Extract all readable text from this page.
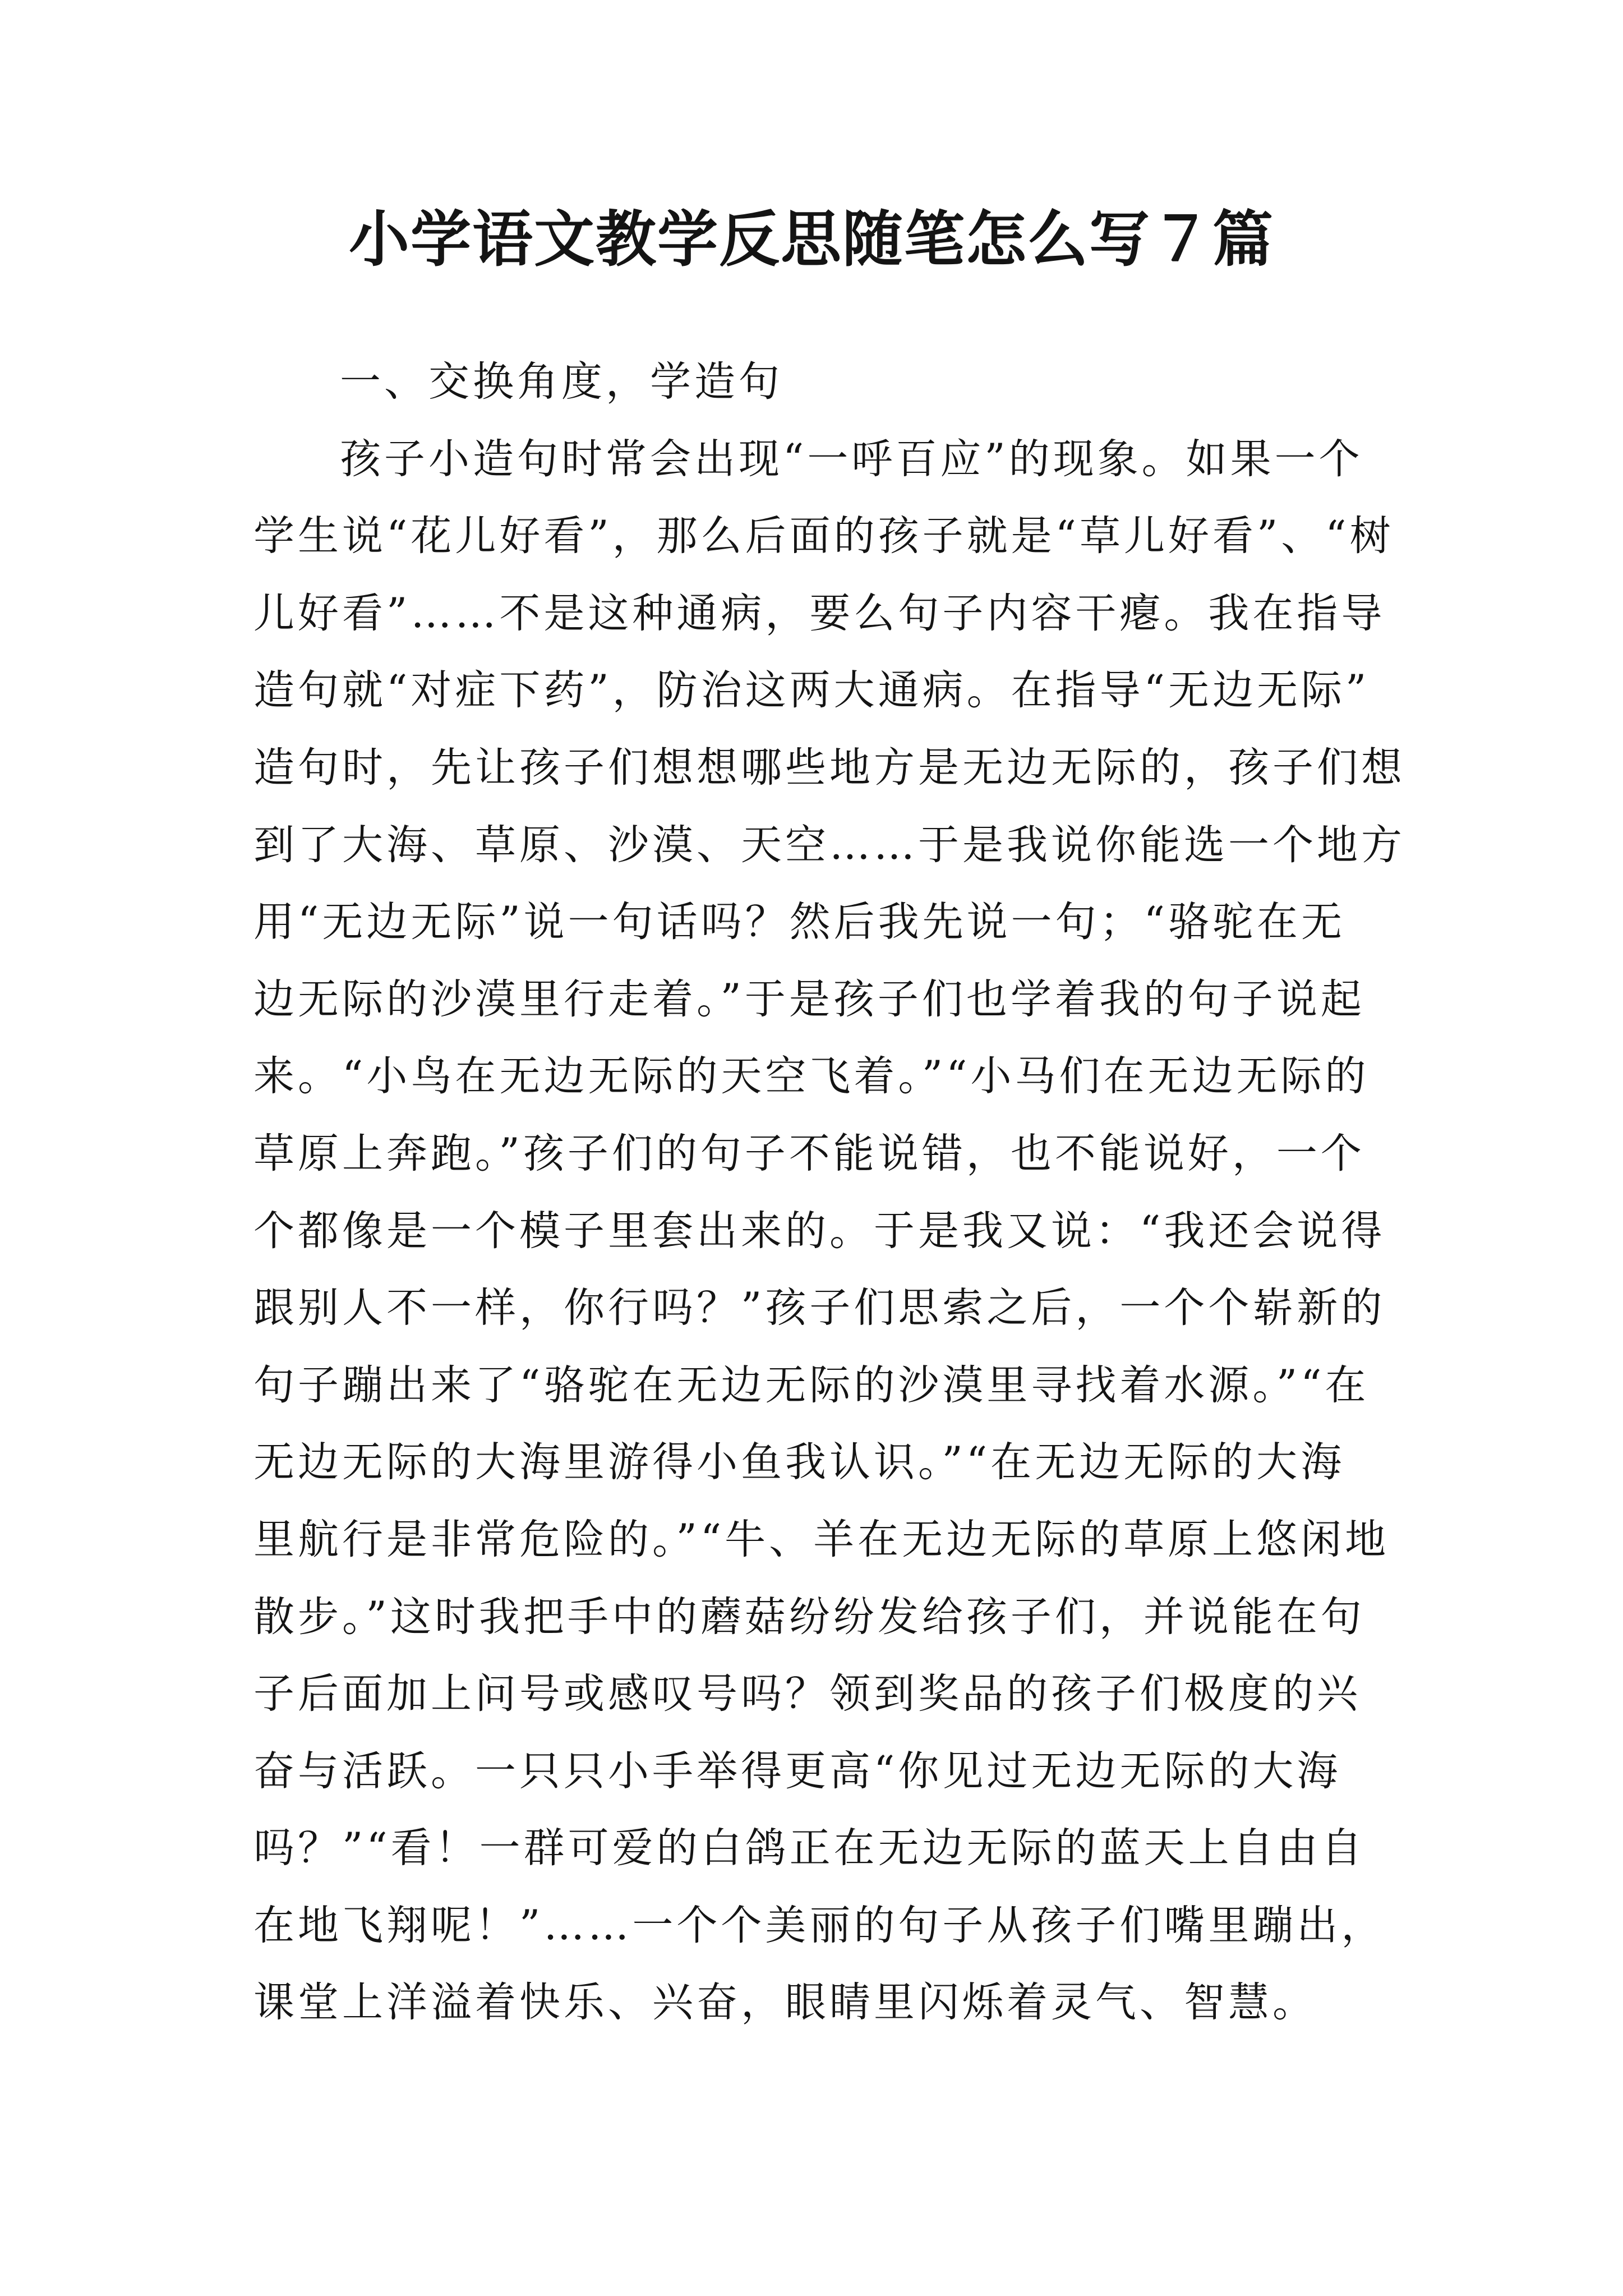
小学语文教学反思随笔怎么写７篇
一、交换角度，学造句
孩子小造句时常会出现“一呼百应”的现象。如果一个
学生说“花儿好看”，那么后面的孩子就是“草儿好看”、“树
儿好看”……不是这种通病，要么句子内容干瘪。我在指导
造句就“对症下药”，防治这两大通病。在指导“无边无际”
造句时，先让孩子们想想哪些地方是无边无际的，孩子们想
到了大海、草原、沙漠、天空……于是我说你能选一个地方
用“无边无际”说一句话吗？然后我先说一句；“骆驼在无
边无际的沙漠里行走着。”于是孩子们也学着我的句子说起
来。“小鸟在无边无际的天空飞着。”“小马们在无边无际的
草原上奔跑。”孩子们的句子不能说错，也不能说好，一个
个都像是一个模子里套出来的。于是我又说：“我还会说得
跟别人不一样，你行吗？”孩子们思索之后，一个个崭新的
句子蹦出来了“骆驼在无边无际的沙漠里寻找着水源。”“在
无边无际的大海里游得小鱼我认识。”“在无边无际的大海
里航行是非常危险的。”“牛、羊在无边无际的草原上悠闲地
散步。”这时我把手中的蘑菇纷纷发给孩子们，并说能在句
子后面加上问号或感叹号吗？领到奖品的孩子们极度的兴
奋与活跃。一只只小手举得更高“你见过无边无际的大海
吗？”“看！一群可爱的白鸽正在无边无际的蓝天上自由自
在地飞翔呢！”……一个个美丽的句子从孩子们嘴里蹦出，
课堂上洋溢着快乐、兴奋，眼睛里闪烁着灵气、智慧。
